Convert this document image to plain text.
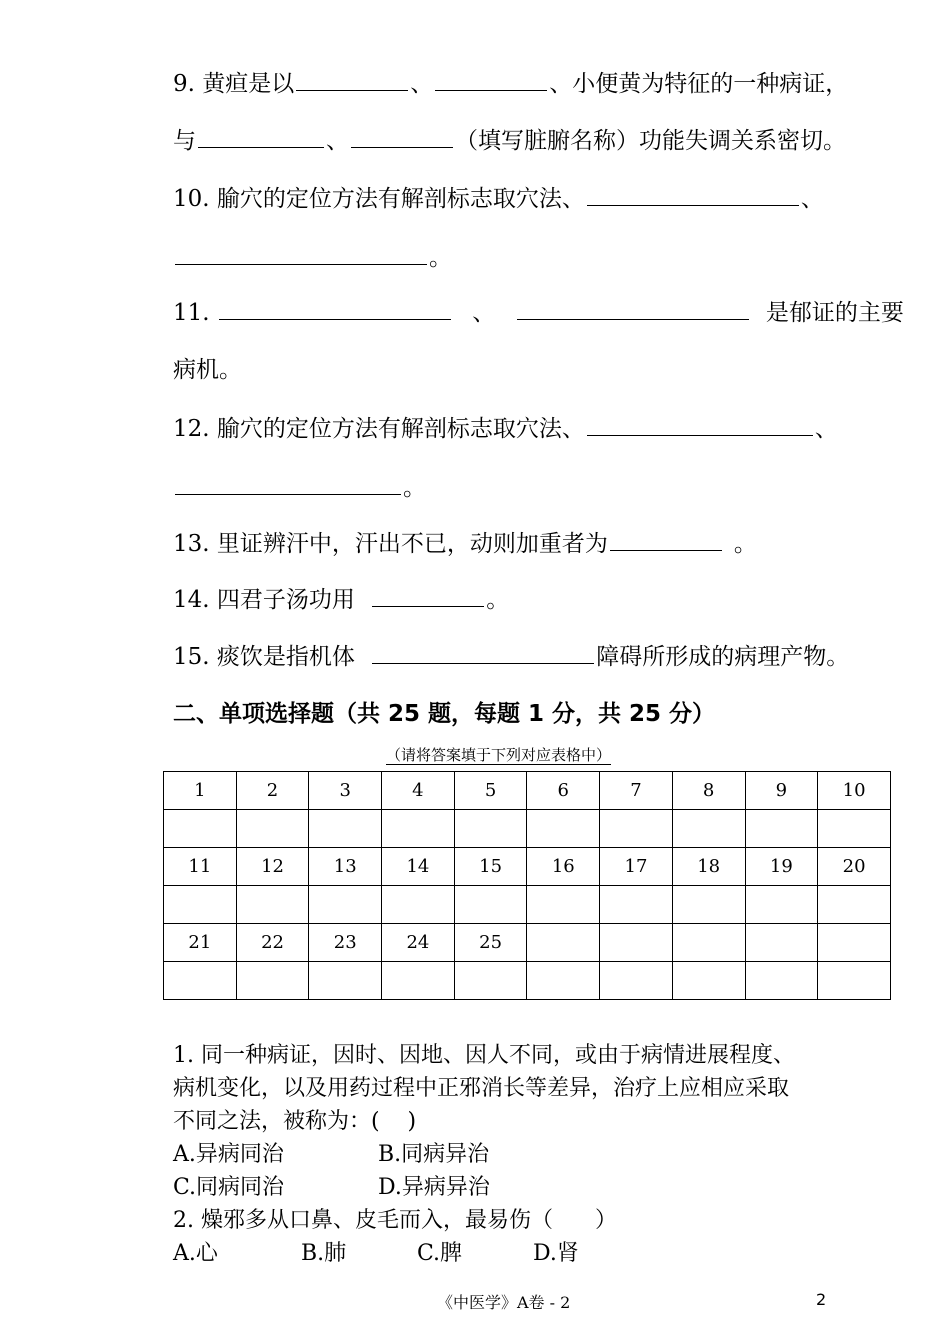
9. 黄疸是以	、	、小便黄为特征的一种病证，
与	、	（填写脏腑名称）功能失调关系密切。
10. 腧穴的定位方法有解剖标志取穴法、	、
。
11.	、	是郁证的主要
病机。
12. 腧穴的定位方法有解剖标志取穴法、	、
。
13. 里证辨汗中，汗出不已，动则加重者为	。
14. 四君子汤功用	。
15. 痰饮是指机体	障碍所形成的病理产物。
二、单项选择题（共 25 题，每题 1 分，共 25 分）
（请将答案填于下列对应表格中）
1	2	3	4	5	6	7	8	9	10

11	12	13	14	15	16	17	18	19	20

21	22	23	24	25					

1. 同一种病证，因时、因地、因人不同，或由于病情进展程度、
病机变化，以及用药过程中正邪消长等差异，治疗上应相应采取
不同之法，被称为：(    )
A.异病同治	B.同病异治
C.同病同治	D.异病异治
2. 燥邪多从口鼻、皮毛而入，最易伤（      ）
A.心	B.肺	C.脾	D.肾
《中医学》A卷 - 2	2
